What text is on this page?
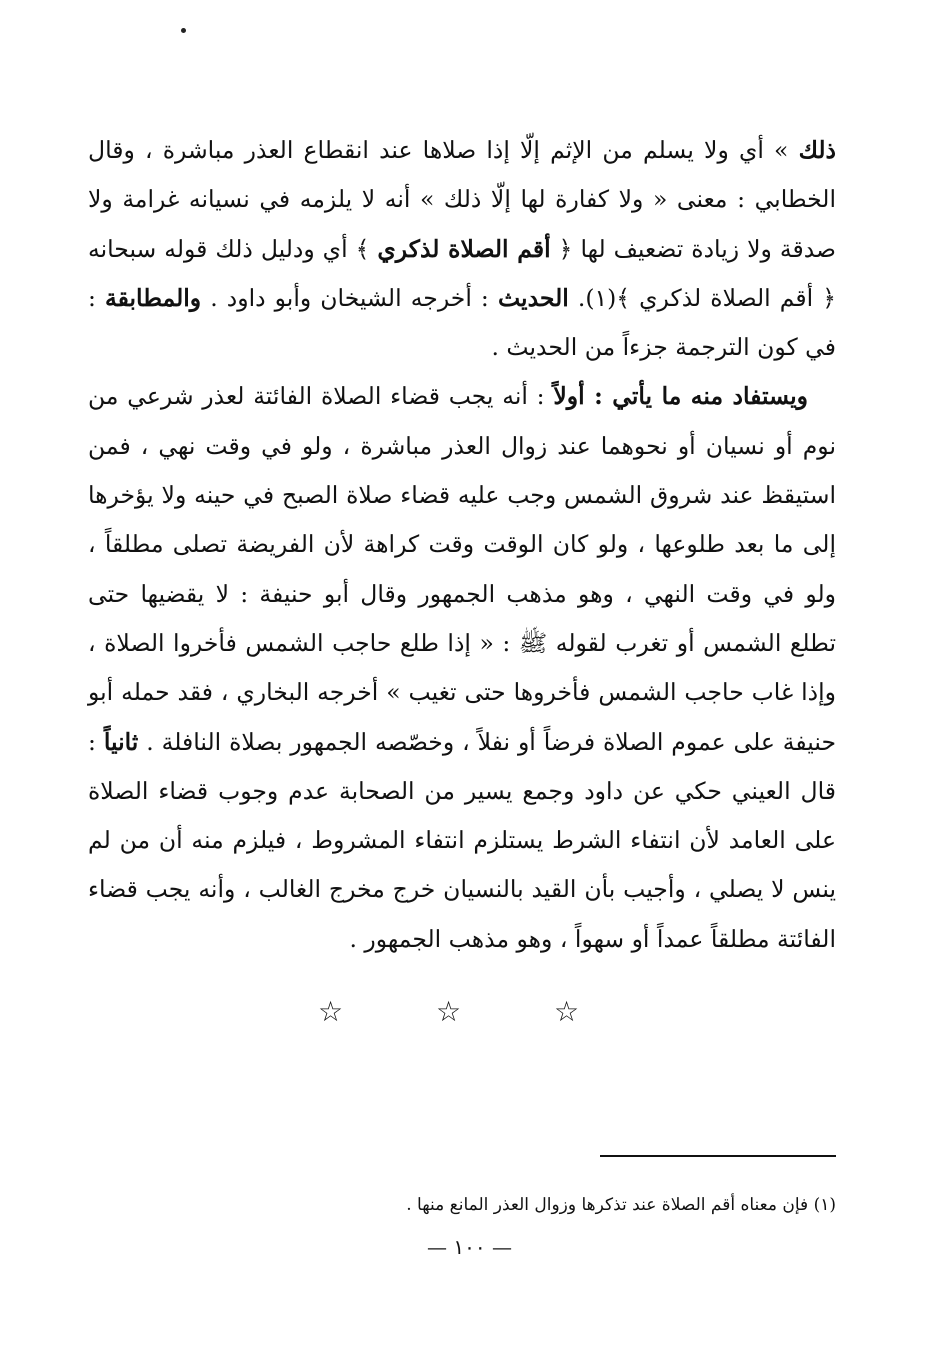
ذلك » أي ولا يسلم من الإثم إلّا إذا صلاها عند انقطاع العذر مباشرة ، وقال الخطابي : معنى « ولا كفارة لها إلّا ذلك » أنه لا يلزمه في نسيانه غرامة ولا صدقة ولا زيادة تضعيف لها ﴿ أقم الصلاة لذكري ﴾ أي ودليل ذلك قوله سبحانه ﴿ أقم الصلاة لذكري ﴾(١). الحديث : أخرجه الشيخان وأبو داود . والمطابقة : في كون الترجمة جزءاً من الحديث .

ويستفاد منه ما يأتي : أولاً : أنه يجب قضاء الصلاة الفائتة لعذر شرعي من نوم أو نسيان أو نحوهما عند زوال العذر مباشرة ، ولو في وقت نهي ، فمن استيقظ عند شروق الشمس وجب عليه قضاء صلاة الصبح في حينه ولا يؤخرها إلى ما بعد طلوعها ، ولو كان الوقت وقت كراهة لأن الفريضة تصلى مطلقاً ، ولو في وقت النهي ، وهو مذهب الجمهور وقال أبو حنيفة : لا يقضيها حتى تطلع الشمس أو تغرب لقوله ﷺ : « إذا طلع حاجب الشمس فأخروا الصلاة ، وإذا غاب حاجب الشمس فأخروها حتى تغيب » أخرجه البخاري ، فقد حمله أبو حنيفة على عموم الصلاة فرضاً أو نفلاً ، وخصّصه الجمهور بصلاة النافلة . ثانياً : قال العيني حكي عن داود وجمع يسير من الصحابة عدم وجوب قضاء الصلاة على العامد لأن انتفاء الشرط يستلزم انتفاء المشروط ، فيلزم منه أن من لم ينس لا يصلي ، وأجيب بأن القيد بالنسيان خرج مخرج الغالب ، وأنه يجب قضاء الفائتة مطلقاً عمداً أو سهواً ، وهو مذهب الجمهور .

☆ ☆ ☆
(١) فإن معناه أقم الصلاة عند تذكرها وزوال العذر المانع منها .
— ١٠٠ —
